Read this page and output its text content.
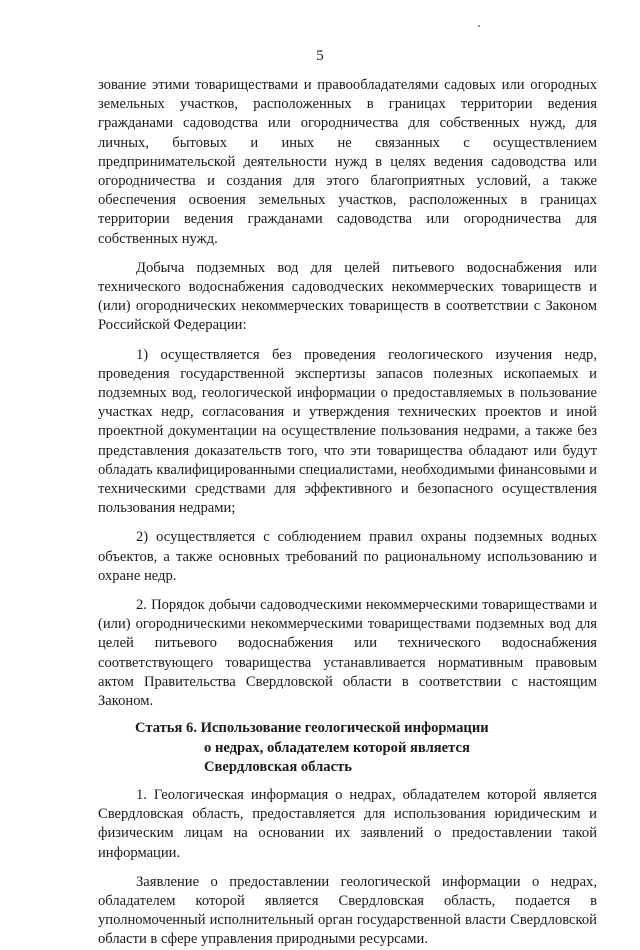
5

зование этими товариществами и правообладателями садовых или огородных земельных участков, расположенных в границах территории ведения гражданами садоводства или огородничества для собственных нужд, для личных, бытовых и иных не связанных с осуществлением предпринимательской деятельности нужд в целях ведения садоводства или огородничества и создания для этого благоприятных условий, а также обеспечения освоения земельных участков, расположенных в границах территории ведения гражданами садоводства или огородничества для собственных нужд.

Добыча подземных вод для целей питьевого водоснабжения или технического водоснабжения садоводческих некоммерческих товариществ и (или) огороднических некоммерческих товариществ в соответствии с Законом Российской Федерации:

1) осуществляется без проведения геологического изучения недр, проведения государственной экспертизы запасов полезных ископаемых и подземных вод, геологической информации о предоставляемых в пользование участках недр, согласования и утверждения технических проектов и иной проектной документации на осуществление пользования недрами, а также без представления доказательств того, что эти товарищества обладают или будут обладать квалифицированными специалистами, необходимыми финансовыми и техническими средствами для эффективного и безопасного осуществления пользования недрами;

2) осуществляется с соблюдением правил охраны подземных водных объектов, а также основных требований по рациональному использованию и охране недр.

2. Порядок добычи садоводческими некоммерческими товариществами и (или) огородническими некоммерческими товариществами подземных вод для целей питьевого водоснабжения или технического водоснабжения соответствующего товарищества устанавливается нормативным правовым актом Правительства Свердловской области в соответствии с настоящим Законом.

Статья 6. Использование геологической информации
о недрах, обладателем которой является
Свердловская область

1. Геологическая информация о недрах, обладателем которой является Свердловская область, предоставляется для использования юридическим и физическим лицам на основании их заявлений о предоставлении такой информации.

Заявление о предоставлении геологической информации о недрах, обладателем которой является Свердловская область, подается в уполномоченный исполнительный орган государственной власти Свердловской области в сфере управления природными ресурсами.
